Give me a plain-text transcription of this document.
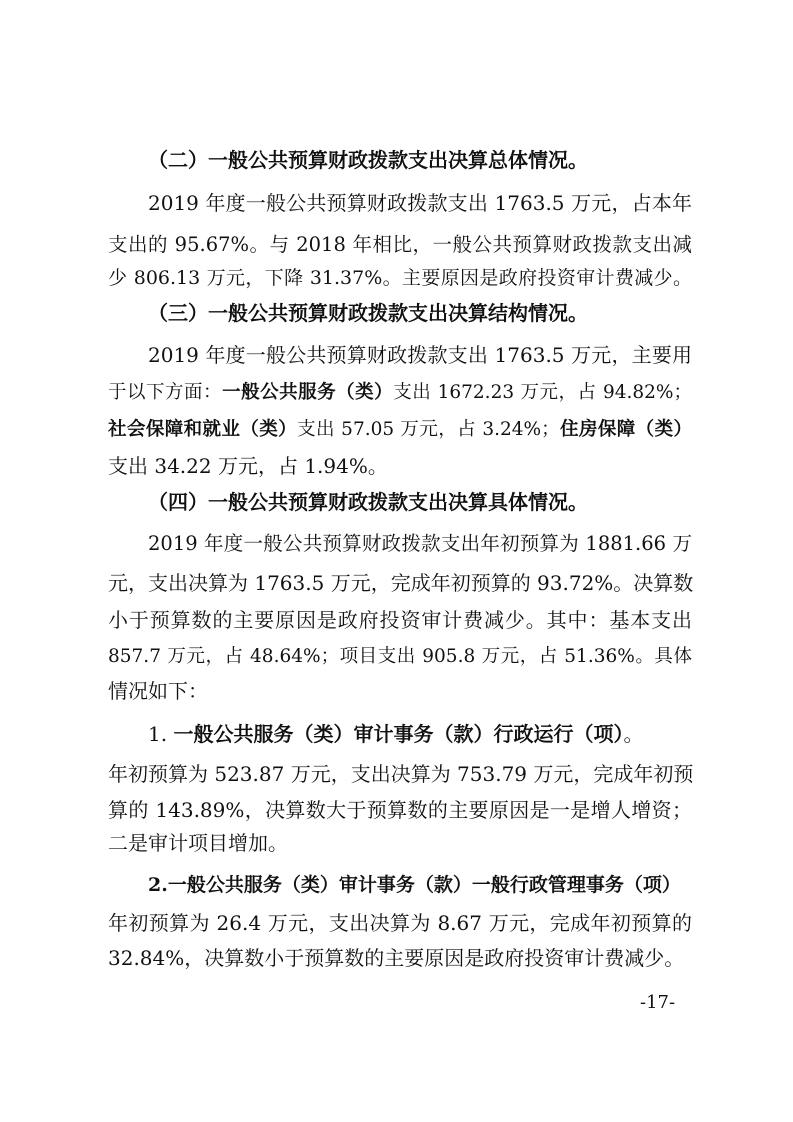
（二）一般公共预算财政拨款支出决算总体情况。
2019 年度一般公共预算财政拨款支出 1763.5 万元，占本年
支出的 95.67%。与 2018 年相比，一般公共预算财政拨款支出减
少 806.13 万元，下降 31.37%。主要原因是政府投资审计费减少。
（三）一般公共预算财政拨款支出决算结构情况。
2019 年度一般公共预算财政拨款支出 1763.5 万元，主要用
于以下方面：一般公共服务（类）支出 1672.23 万元，占 94.82%；
社会保障和就业（类）支出 57.05 万元，占 3.24%；住房保障（类）
支出 34.22 万元，占 1.94%。
（四）一般公共预算财政拨款支出决算具体情况。
2019 年度一般公共预算财政拨款支出年初预算为 1881.66 万
元，支出决算为 1763.5 万元，完成年初预算的 93.72%。决算数
小于预算数的主要原因是政府投资审计费减少。其中：基本支出
857.7 万元，占 48.64%；项目支出 905.8 万元，占 51.36%。具体
情况如下：
1. 一般公共服务（类）审计事务（款）行政运行（项）。
年初预算为 523.87 万元，支出决算为 753.79 万元，完成年初预
算的 143.89%，决算数大于预算数的主要原因是一是增人增资；
二是审计项目增加。
2.一般公共服务（类）审计事务（款）一般行政管理事务（项）
年初预算为 26.4 万元，支出决算为 8.67 万元，完成年初预算的
32.84%，决算数小于预算数的主要原因是政府投资审计费减少。
-17-
